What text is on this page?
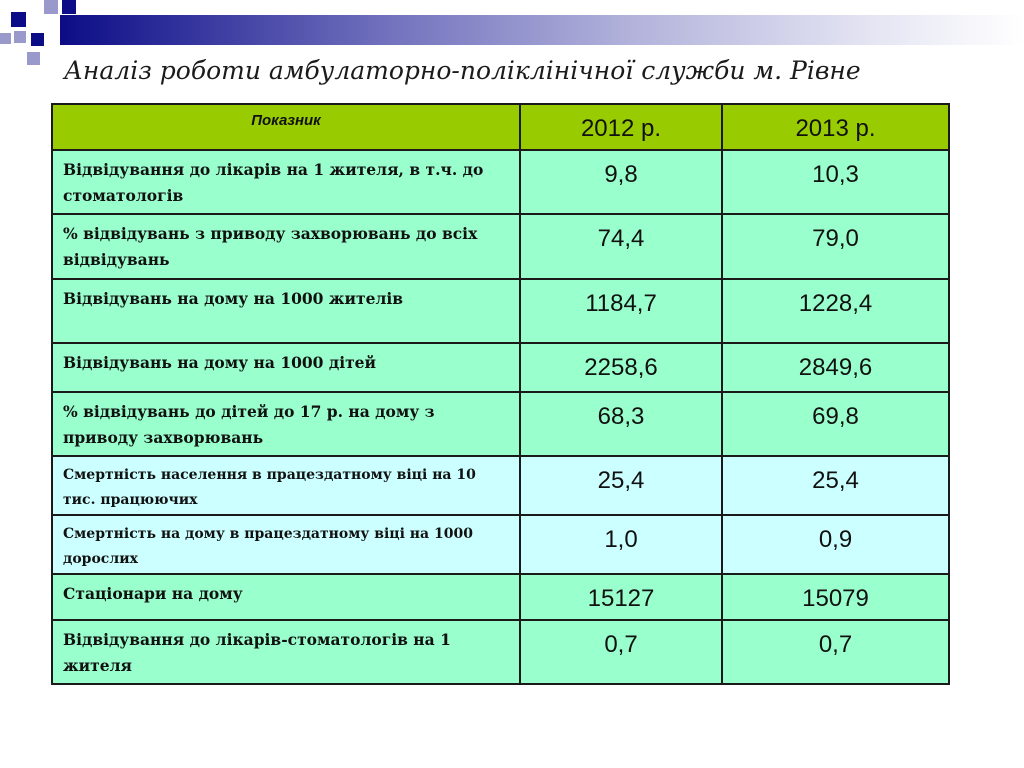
Аналіз роботи амбулаторно-поліклінічної служби м. Рівне
Показник	2012 р.	2013 р.

Відвідування до лікарів на 1 жителя, в т.ч. до стоматологів	9,8	10,3

% відвідувань з приводу захворювань до всіх відвідувань	74,4	79,0

Відвідувань на дому на 1000 жителів	1184,7	1228,4

Відвідувань на дому на 1000 дітей	2258,6	2849,6

% відвідувань до дітей до 17 р. на дому з приводу захворювань	68,3	69,8

Смертність населення в працездатному віці на 10 тис. працюючих	25,4	25,4

Смертність на дому в працездатному віці на 1000 дорослих	1,0	0,9

Стаціонари на дому	15127	15079

Відвідування до лікарів-стоматологів на 1 жителя	0,7	0,7
